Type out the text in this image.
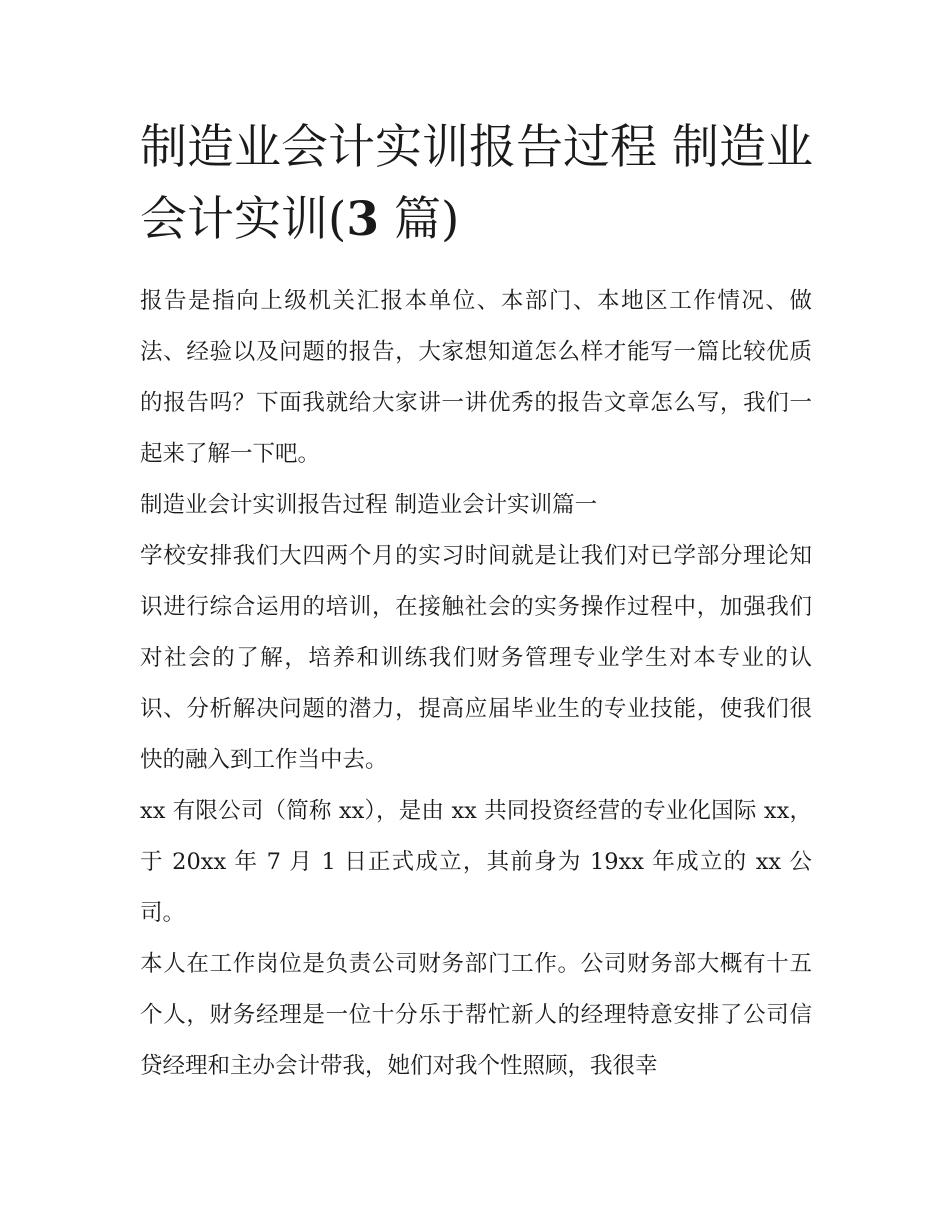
制造业会计实训报告过程 制造业会计实训(3 篇)

报告是指向上级机关汇报本单位、本部门、本地区工作情况、做法、经验以及问题的报告，大家想知道怎么样才能写一篇比较优质的报告吗？下面我就给大家讲一讲优秀的报告文章怎么写，我们一起来了解一下吧。

制造业会计实训报告过程 制造业会计实训篇一

学校安排我们大四两个月的实习时间就是让我们对已学部分理论知识进行综合运用的培训，在接触社会的实务操作过程中，加强我们对社会的了解，培养和训练我们财务管理专业学生对本专业的认识、分析解决问题的潜力，提高应届毕业生的专业技能，使我们很快的融入到工作当中去。

xx 有限公司（简称 xx），是由 xx 共同投资经营的专业化国际 xx，于 20xx 年 7 月 1 日正式成立，其前身为 19xx 年成立的 xx 公司。

本人在工作岗位是负责公司财务部门工作。公司财务部大概有十五个人，财务经理是一位十分乐于帮忙新人的经理特意安排了公司信贷经理和主办会计带我，她们对我个性照顾，我很幸
